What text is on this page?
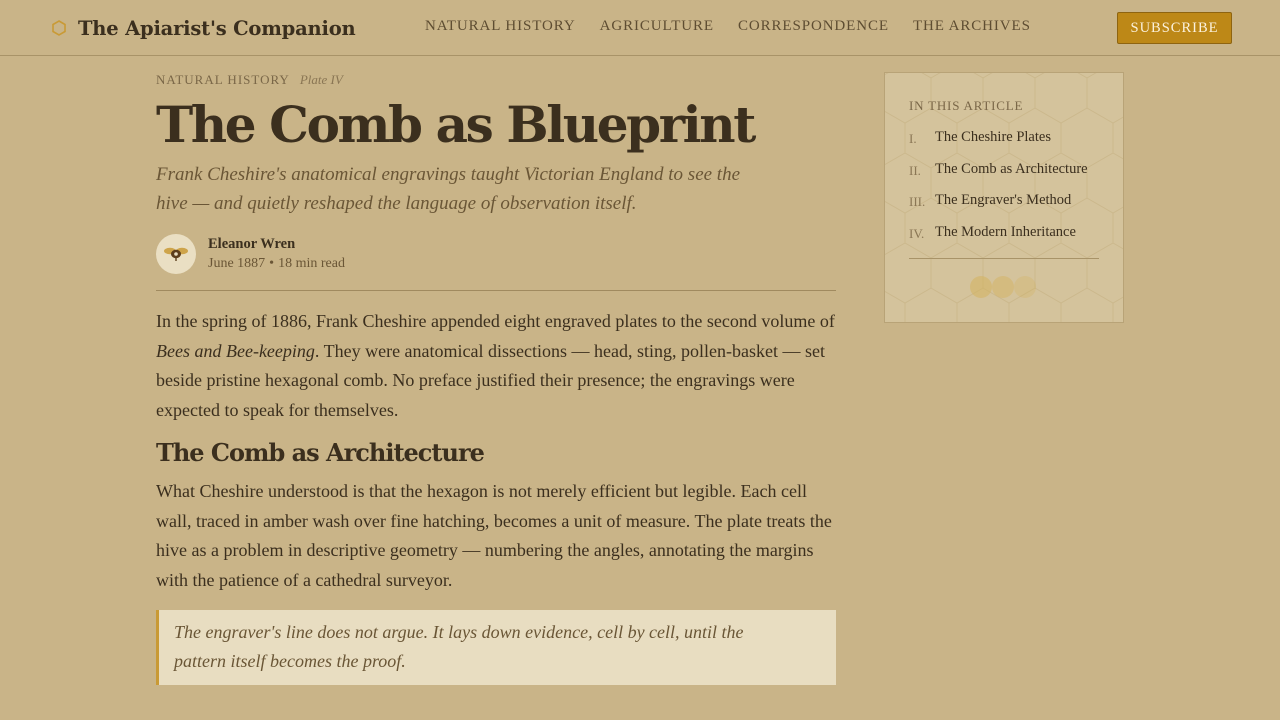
The Apiarist's Companion	NATURAL HISTORY AGRICULTURE CORRESPONDENCE THE ARCHIVES	SUBSCRIBE
NATURAL HISTORY Plate IV
The Comb as Blueprint

Frank Cheshire's anatomical engravings taught Victorian England to see the hive — and quietly reshaped the language of observation itself.

Eleanor Wren
June 1887 • 18 min read

In the spring of 1886, Frank Cheshire appended eight engraved plates to the second volume of Bees and Bee-keeping. They were anatomical dissections — head, sting, pollen-basket — set beside pristine hexagonal comb. No preface justified their presence; the engravings were expected to speak for themselves.

The Comb as Architecture

What Cheshire understood is that the hexagon is not merely efficient but legible. Each cell wall, traced in amber wash over fine hatching, becomes a unit of measure. The plate treats the hive as a problem in descriptive geometry — numbering the angles, annotating the margins with the patience of a cathedral surveyor.

The engraver's line does not argue. It lays down evidence, cell by cell, until the pattern itself becomes the proof.
IN THIS ARTICLE
I.	The Cheshire Plates
II. The Comb as Architecture
III. The Engraver's Method
IV. The Modern Inheritance
